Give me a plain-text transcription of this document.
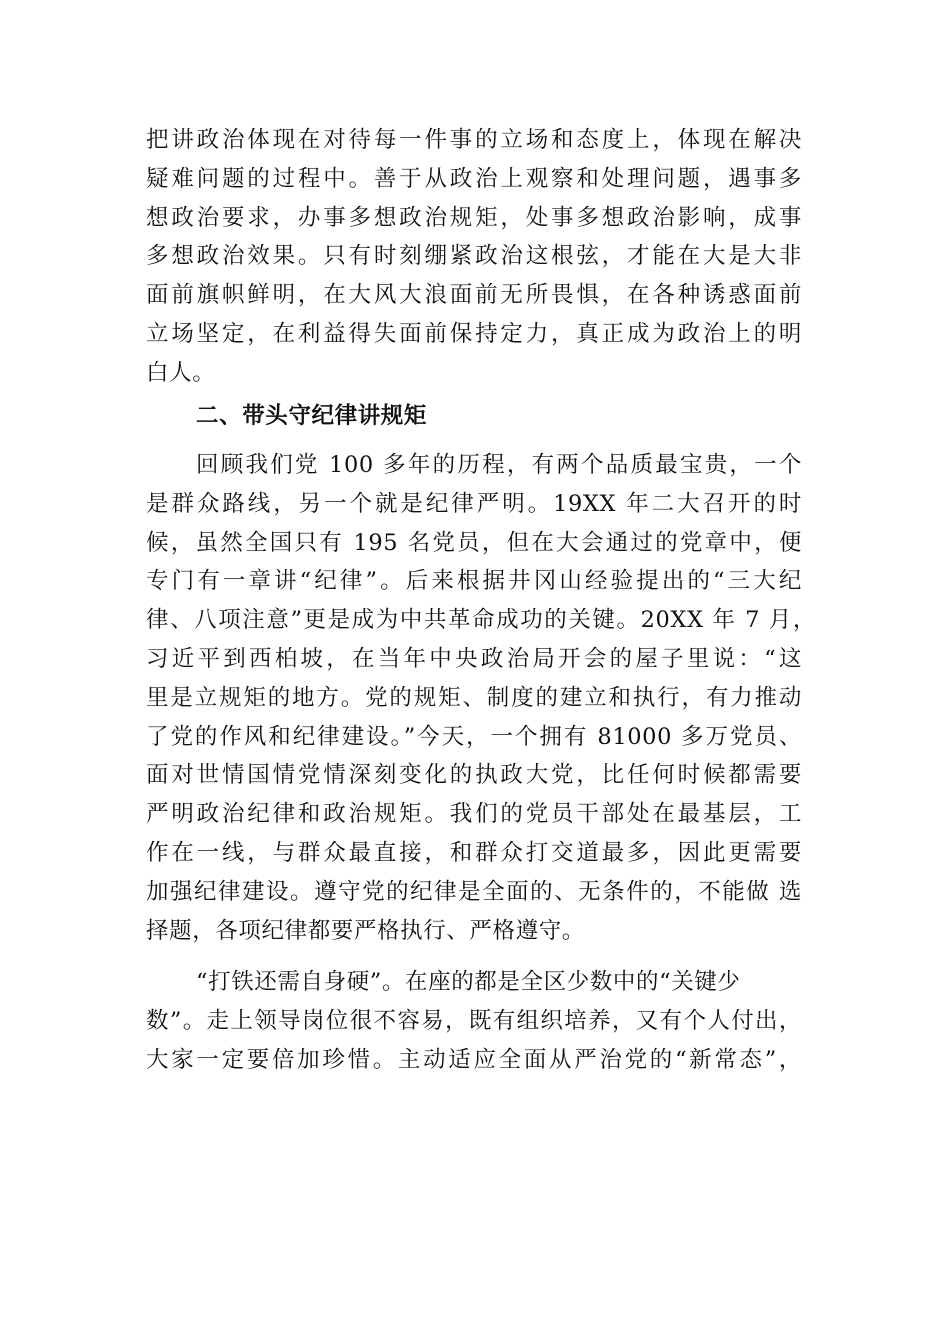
把讲政治体现在对待每一件事的立场和态度上，体现在解决
疑难问题的过程中。善于从政治上观察和处理问题，遇事多
想政治要求，办事多想政治规矩，处事多想政治影响，成事
多想政治效果。只有时刻绷紧政治这根弦，才能在大是大非
面前旗帜鲜明，在大风大浪面前无所畏惧，在各种诱惑面前
立场坚定，在利益得失面前保持定力，真正成为政治上的明
白人。
二、带头守纪律讲规矩
回顾我们党 100 多年的历程，有两个品质最宝贵，一个
是群众路线，另一个就是纪律严明。19XX 年二大召开的时
候，虽然全国只有 195 名党员，但在大会通过的党章中，便
专门有一章讲“纪律”。后来根据井冈山经验提出的“三大纪
律、八项注意”更是成为中共革命成功的关键。20XX 年 7 月，
习近平到西柏坡，在当年中央政治局开会的屋子里说：“这
里是立规矩的地方。党的规矩、制度的建立和执行，有力推动
了党的作风和纪律建设。”今天，一个拥有 81000 多万党员、
面对世情国情党情深刻变化的执政大党，比任何时候都需要
严明政治纪律和政治规矩。我们的党员干部处在最基层，工
作在一线，与群众最直接，和群众打交道最多，因此更需要
加强纪律建设。遵守党的纪律是全面的、无条件的，不能做 选
择题，各项纪律都要严格执行、严格遵守。
“打铁还需自身硬”。在座的都是全区少数中的“关键少
数”。走上领导岗位很不容易，既有组织培养，又有个人付出，
大家一定要倍加珍惜。主动适应全面从严治党的“新常态”，
